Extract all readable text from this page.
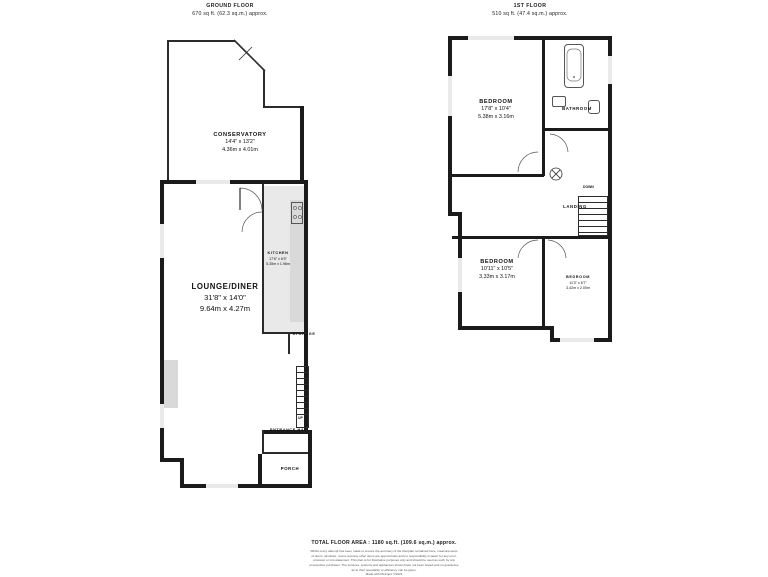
GROUND FLOOR
670 sq ft. (62.3 sq.m.) approx.
1ST FLOOR
510 sq ft. (47.4 sq.m.) approx.
CONSERVATORY
14'4" x 13'2"
4.36m x 4.01m
LOUNGE/DINER
31'8" x 14'0"
9.64m x 4.27m
KITCHEN
17'6" x 6'5"
5.35m x 1.96m
STORAGE
UP
ENTRANCE HALL
PORCH
DOWN
BEDROOM
17'8" x 10'4"
5.38m x 3.16m
BATHROOM
BEDROOM
10'11" x 10'5"
3.33m x 3.17m	BEDROOM
11'3" x 6'7"
3.42m x 2.00m
LANDING
TOTAL FLOOR AREA : 1180 sq.ft. (109.6 sq.m.) approx.
Whilst every attempt has been made to ensure the accuracy of the floorplan contained here, measurements
of doors, windows, rooms and any other items are approximate and no responsibility is taken for any error,
omission or mis-statement. This plan is for illustrative purposes only and should be used as such by any
prospective purchaser. The services, systems and appliances shown have not been tested and no guarantee
as to their operability or efficiency can be given.
Made with Metropix ©2021
